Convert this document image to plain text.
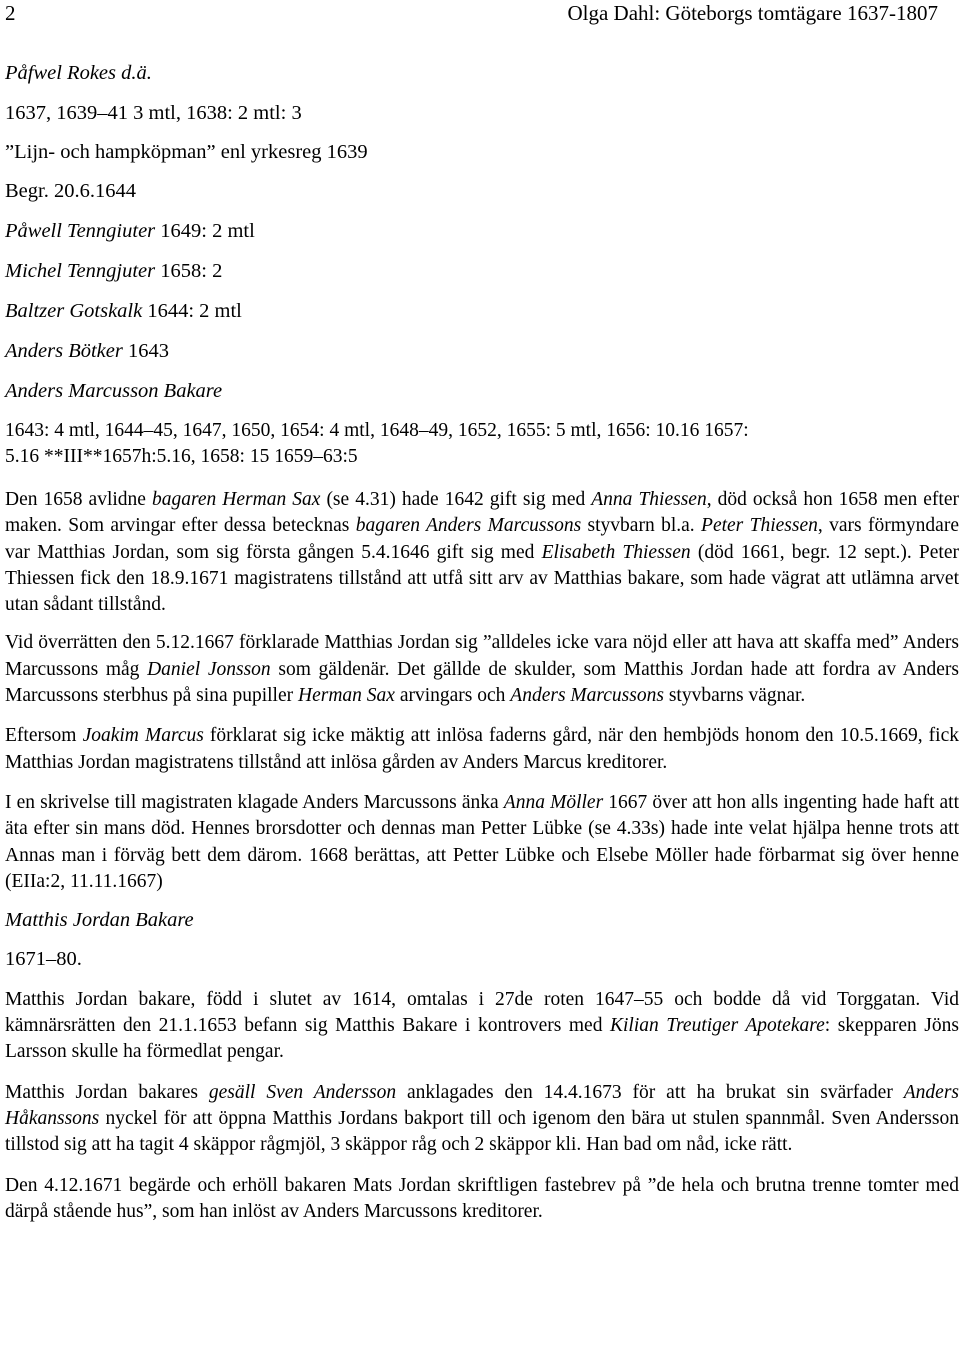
2	Olga Dahl: Göteborgs tomtägare 1637-1807
Påfwel Rokes d.ä.
1637, 1639–41 3 mtl, 1638: 2 mtl: 3
”Lijn- och hampköpman” enl yrkesreg 1639
Begr. 20.6.1644
Påwell Tenngiuter 1649: 2 mtl
Michel Tenngjuter 1658: 2
Baltzer Gotskalk 1644: 2 mtl
Anders Bötker 1643
Anders Marcusson Bakare
1643: 4 mtl, 1644–45, 1647, 1650, 1654: 4 mtl, 1648–49, 1652, 1655: 5 mtl, 1656: 10.16 1657:
5.16 **III**1657h:5.16, 1658: 15 1659–63:5

Den 1658 avlidne bagaren Herman Sax (se 4.31) hade 1642 gift sig med Anna Thiessen, död också hon 1658 men efter maken. Som arvingar efter dessa betecknas bagaren Anders Marcussons styvbarn bl.a. Peter Thiessen, vars förmyndare var Matthias Jordan, som sig första gången 5.4.1646 gift sig med Elisabeth Thiessen (död 1661, begr. 12 sept.). Peter Thiessen fick den 18.9.1671 magistratens tillstånd att utfå sitt arv av Matthias bakare, som hade vägrat att utlämna arvet utan sådant tillstånd.

Vid överrätten den 5.12.1667 förklarade Matthias Jordan sig ”alldeles icke vara nöjd eller att hava att skaffa med” Anders Marcussons måg Daniel Jonsson som gäldenär. Det gällde de skulder, som Matthis Jordan hade att fordra av Anders Marcussons sterbhus på sina pupiller Herman Sax arvingars och Anders Marcussons styvbarns vägnar.

Eftersom Joakim Marcus förklarat sig icke mäktig att inlösa faderns gård, när den hembjöds honom den 10.5.1669, fick Matthias Jordan magistratens tillstånd att inlösa gården av Anders Marcus kreditorer.

I en skrivelse till magistraten klagade Anders Marcussons änka Anna Möller 1667 över att hon alls ingenting hade haft att äta efter sin mans död. Hennes brorsdotter och dennas man Petter Lübke (se 4.33s) hade inte velat hjälpa henne trots att Annas man i förväg bett dem därom. 1668 berättas, att Petter Lübke och Elsebe Möller hade förbarmat sig över henne (EIIa:2, 11.11.1667)

Matthis Jordan Bakare

1671–80.

Matthis Jordan bakare, född i slutet av 1614, omtalas i 27de roten 1647–55 och bodde då vid Torggatan. Vid kämnärsrätten den 21.1.1653 befann sig Matthis Bakare i kontrovers med Kilian Treutiger Apotekare: skepparen Jöns Larsson skulle ha förmedlat pengar.

Matthis Jordan bakares gesäll Sven Andersson anklagades den 14.4.1673 för att ha brukat sin svärfader Anders Håkanssons nyckel för att öppna Matthis Jordans bakport till och igenom den bära ut stulen spannmål. Sven Andersson tillstod sig att ha tagit 4 skäppor rågmjöl, 3 skäppor råg och 2 skäppor kli. Han bad om nåd, icke rätt.

Den 4.12.1671 begärde och erhöll bakaren Mats Jordan skriftligen fastebrev på ”de hela och brutna trenne tomter med därpå stående hus”, som han inlöst av Anders Marcussons kreditorer.
